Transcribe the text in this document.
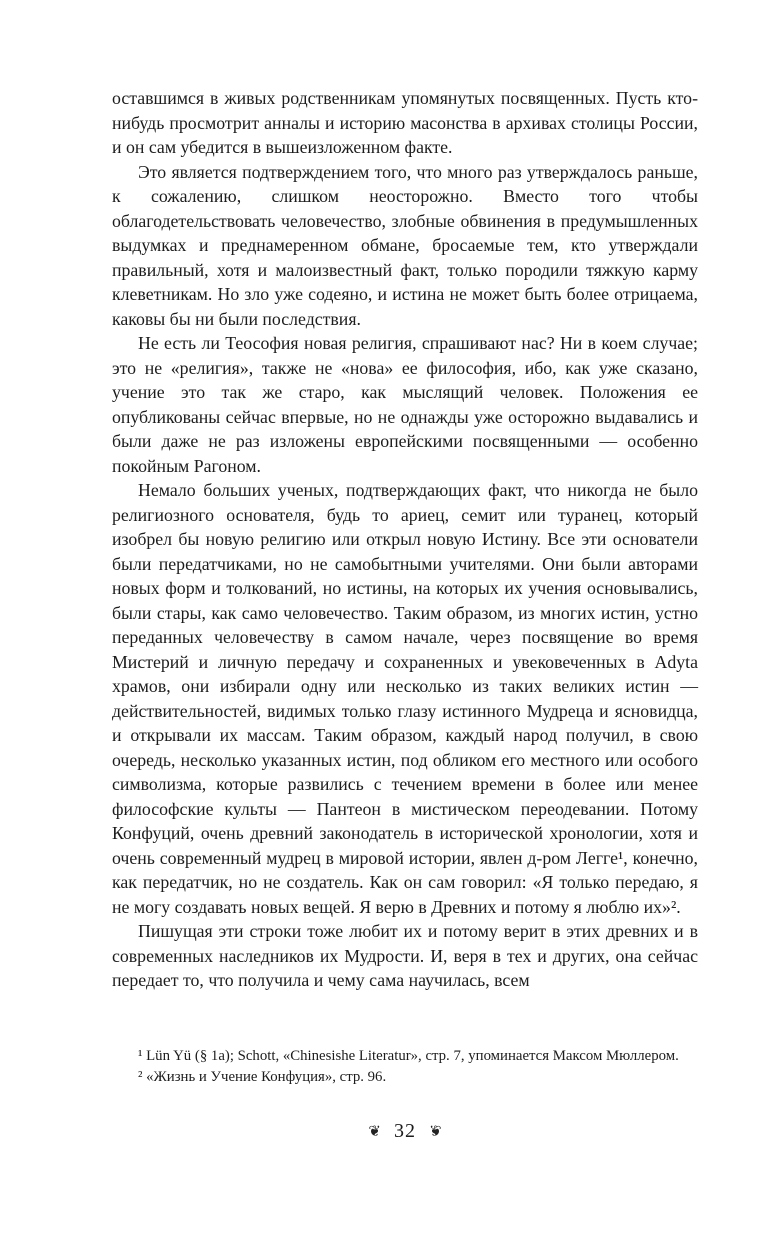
оставшимся в живых родственникам упомянутых посвященных. Пусть кто-нибудь просмотрит анналы и историю масонства в архивах столицы России, и он сам убедится в вышеизложенном факте.

Это является подтверждением того, что много раз утверждалось раньше, к сожалению, слишком неосторожно. Вместо того чтобы облагодетельствовать человечество, злобные обвинения в предумышленных выдумках и преднамеренном обмане, бросаемые тем, кто утверждали правильный, хотя и малоизвестный факт, только породили тяжкую карму клеветникам. Но зло уже содеяно, и истина не может быть более отрицаема, каковы бы ни были последствия.

Не есть ли Теософия новая религия, спрашивают нас? Ни в коем случае; это не «религия», также не «нова» ее философия, ибо, как уже сказано, учение это так же старо, как мыслящий человек. Положения ее опубликованы сейчас впервые, но не однажды уже осторожно выдавались и были даже не раз изложены европейскими посвященными — особенно покойным Рагоном.

Немало больших ученых, подтверждающих факт, что никогда не было религиозного основателя, будь то ариец, семит или туранец, который изобрел бы новую религию или открыл новую Истину. Все эти основатели были передатчиками, но не самобытными учителями. Они были авторами новых форм и толкований, но истины, на которых их учения основывались, были стары, как само человечество. Таким образом, из многих истин, устно переданных человечеству в самом начале, через посвящение во время Мистерий и личную передачу и сохраненных и увековеченных в Adyta храмов, они избирали одну или несколько из таких великих истин — действительностей, видимых только глазу истинного Мудреца и ясновидца, и открывали их массам. Таким образом, каждый народ получил, в свою очередь, несколько указанных истин, под обликом его местного или особого символизма, которые развились с течением времени в более или менее философские культы — Пантеон в мистическом переодевании. Потому Конфуций, очень древний законодатель в исторической хронологии, хотя и очень современный мудрец в мировой истории, явлен д-ром Легге¹, конечно, как передатчик, но не создатель. Как он сам говорил: «Я только передаю, я не могу создавать новых вещей. Я верю в Древних и потому я люблю их»².

Пишущая эти строки тоже любит их и потому верит в этих древних и в современных наследников их Мудрости. И, веря в тех и других, она сейчас передает то, что получила и чему сама научилась, всем

¹ Lün Yü (§ 1a); Schott, «Chinesishe Literatur», стр. 7, упоминается Максом Мюллером.

² «Жизнь и Учение Конфуция», стр. 96.

❦ 32 ❦
